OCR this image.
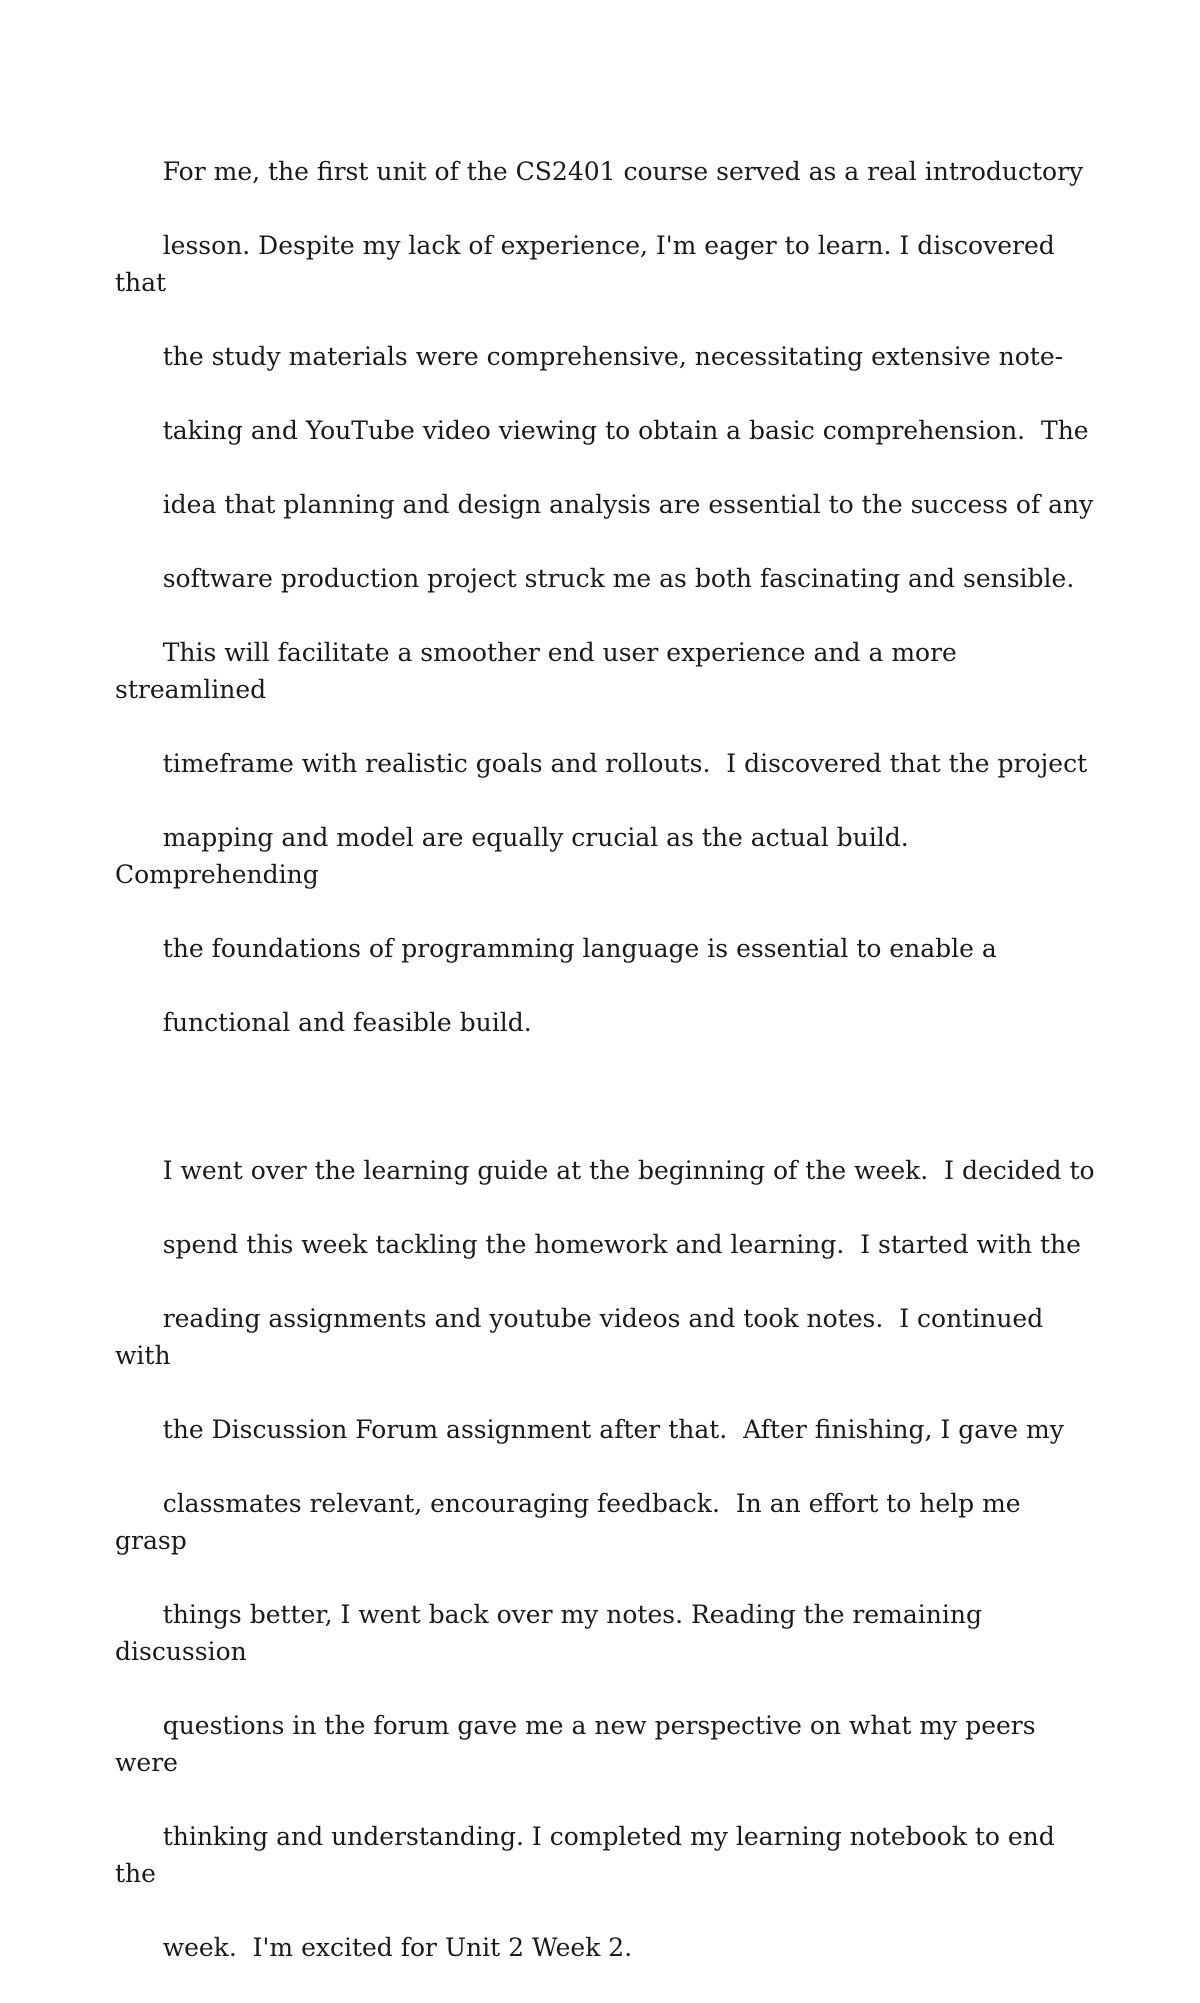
For me, the first unit of the CS2401 course served as a real introductory

lesson. Despite my lack of experience, I'm eager to learn. I discovered that

the study materials were comprehensive, necessitating extensive note-

taking and YouTube video viewing to obtain a basic comprehension.  The

idea that planning and design analysis are essential to the success of any

software production project struck me as both fascinating and sensible.

This will facilitate a smoother end user experience and a more streamlined

timeframe with realistic goals and rollouts.  I discovered that the project

mapping and model are equally crucial as the actual build. Comprehending

the foundations of programming language is essential to enable a

functional and feasible build.

I went over the learning guide at the beginning of the week.  I decided to

spend this week tackling the homework and learning.  I started with the

reading assignments and youtube videos and took notes.  I continued with

the Discussion Forum assignment after that.  After finishing, I gave my

classmates relevant, encouraging feedback.  In an effort to help me grasp

things better, I went back over my notes. Reading the remaining discussion

questions in the forum gave me a new perspective on what my peers were

thinking and understanding. I completed my learning notebook to end the

week.  I'm excited for Unit 2 Week 2.
